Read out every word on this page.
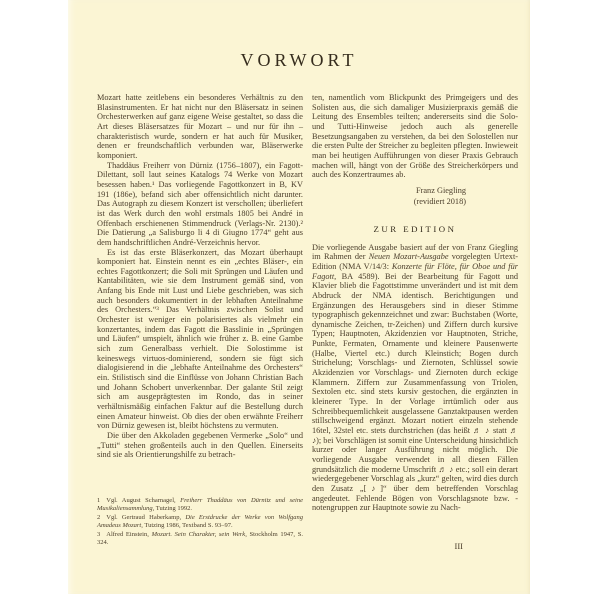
VORWORT

Mozart hatte zeitlebens ein besonderes Verhältnis zu den Blasinstrumenten. Er hat nicht nur den Bläsersatz in seinen Orchesterwerken auf ganz eigene Weise gestaltet, so dass die Art dieses Bläsersatzes für Mozart – und nur für ihn – charakteristisch wurde, sondern er hat auch für Musiker, denen er freundschaftlich verbunden war, Bläserwerke komponiert.

Thaddäus Freiherr von Dürniz (1756–1807), ein Fagott-Dilettant, soll laut seines Katalogs 74 Werke von Mozart besessen haben.¹ Das vorliegende Fagottkonzert in B, KV 191 (186e), befand sich aber offensichtlich nicht darunter. Das Autograph zu diesem Konzert ist verschollen; überliefert ist das Werk durch den wohl erstmals 1805 bei André in Offenbach erschienenen Stimmendruck (Verlags-Nr. 2130).² Die Datierung „a Salisburgo li 4 di Giugno 1774“ geht aus dem handschriftlichen André-Verzeichnis hervor.

Es ist das erste Bläserkonzert, das Mozart überhaupt komponiert hat. Einstein nennt es ein „echtes Bläser-, ein echtes Fagottkonzert; die Soli mit Sprüngen und Läufen und Kantabilitäten, wie sie dem Instrument gemäß sind, von Anfang bis Ende mit Lust und Liebe geschrieben, was sich auch besonders dokumentiert in der lebhaften Anteilnahme des Orchesters.“³ Das Verhältnis zwischen Solist und Orchester ist weniger ein polarisiertes als vielmehr ein konzertantes, indem das Fagott die Basslinie in „Sprüngen und Läufen“ umspielt, ähnlich wie früher z. B. eine Gambe sich zum Generalbass verhielt. Die Solostimme ist keineswegs virtuos-dominierend, sondern sie fügt sich dialogisierend in die „lebhafte Anteilnahme des Orchesters“ ein. Stilistisch sind die Einflüsse von Johann Christian Bach und Johann Schobert unverkennbar. Der galante Stil zeigt sich am ausgeprägtesten im Rondo, das in seiner verhältnismäßig einfachen Faktur auf die Bestellung durch einen Amateur hinweist. Ob dies der oben erwähnte Freiherr von Dürniz gewesen ist, bleibt höchstens zu vermuten.

Die über den Akkoladen gegebenen Vermerke „Solo“ und „Tutti“ stehen großenteils auch in den Quellen. Einerseits sind sie als Orientierungshilfe zu betrach-

ten, namentlich vom Blickpunkt des Primgeigers und des Solisten aus, die sich damaliger Musizierpraxis gemäß die Leitung des Ensembles teilten; andererseits sind die Solo- und Tutti-Hinweise jedoch auch als generelle Besetzungsangaben zu verstehen, da bei den Solostellen nur die ersten Pulte der Streicher zu begleiten pflegten. Inwieweit man bei heutigen Aufführungen von dieser Praxis Gebrauch machen will, hängt von der Größe des Streicherkörpers und auch des Konzertraumes ab.

Franz Giegling
(revidiert 2018)
ZUR EDITION

Die vorliegende Ausgabe basiert auf der von Franz Giegling im Rahmen der Neuen Mozart-Ausgabe vorgelegten Urtext-Edition (NMA V/14/3: Konzerte für Flöte, für Oboe und für Fagott, BA 4589). Bei der Bearbeitung für Fagott und Klavier blieb die Fagottstimme unverändert und ist mit dem Abdruck der NMA identisch. Berichtigungen und Ergänzungen des Herausgebers sind in dieser Stimme typographisch gekennzeichnet und zwar: Buchstaben (Worte, dynamische Zeichen, tr-Zeichen) und Ziffern durch kursive Typen; Hauptnoten, Akzidenzien vor Hauptnoten, Striche, Punkte, Fermaten, Ornamente und kleinere Pausenwerte (Halbe, Viertel etc.) durch Kleinstich; Bogen durch Strichelung; Vorschlags- und Ziernoten, Schlüssel sowie Akzidenzien vor Vorschlags- und Ziernoten durch eckige Klammern. Ziffern zur Zusammenfassung von Triolen, Sextolen etc. sind stets kursiv gestochen, die ergänzten in kleinerer Type. In der Vorlage irrtümlich oder aus Schreibbequemlichkeit ausgelassene Ganztaktpausen werden stillschweigend ergänzt. Mozart notiert einzeln stehende 16tel, 32stel etc. stets durchstrichen (das heißt ♬ ♪ statt ♬ ♪); bei Vorschlägen ist somit eine Unterscheidung hinsichtlich kurzer oder langer Ausführung nicht möglich. Die vorliegende Ausgabe verwendet in all diesen Fällen grundsätzlich die moderne Umschrift ♬ ♪ etc.; soll ein derart wiedergegebener Vorschlag als „kurz“ gelten, wird dies durch den Zusatz „[♪]“ über dem betreffenden Vorschlag angedeutet. Fehlende Bögen von Vorschlagsnote bzw. -notengruppen zur Hauptnote sowie zu Nach-

1 Vgl. August Scharnagel, Freiherr Thaddäus von Dürnitz und seine Musikaliensammlung, Tutzing 1992.
2 Vgl. Gertraud Haberkamp, Die Erstdrucke der Werke von Wolfgang Amadeus Mozart, Tutzing 1986, Textband S. 93–97.
3 Alfred Einstein, Mozart. Sein Charakter, sein Werk, Stockholm 1947, S. 324.	III
